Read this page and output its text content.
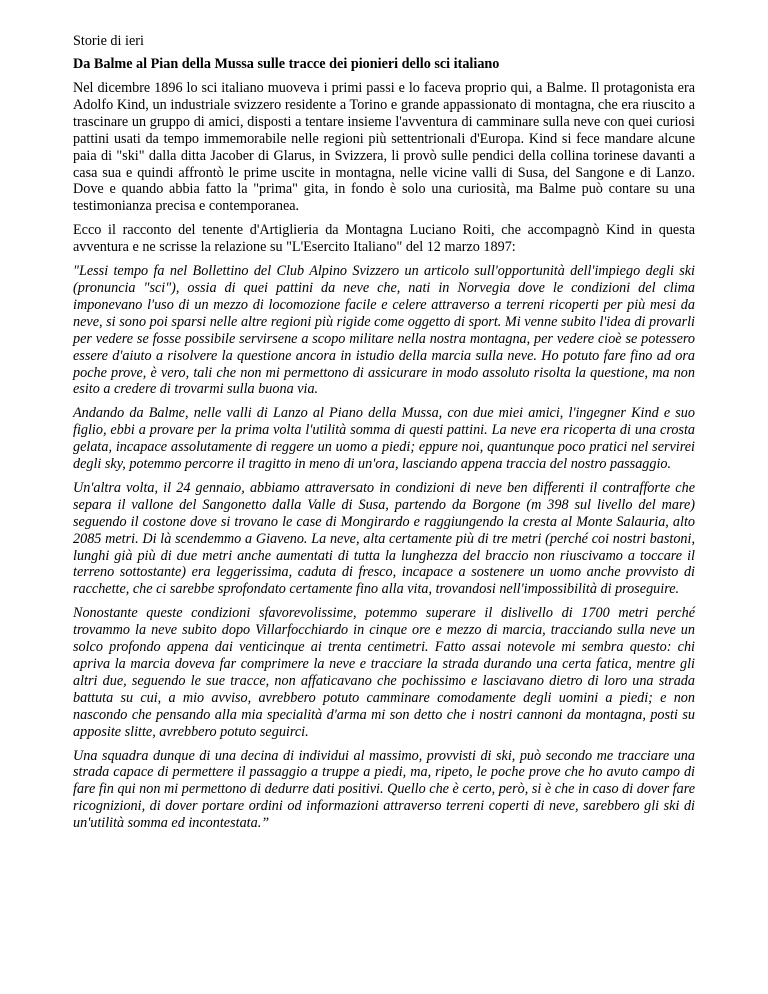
Storie di ieri
Da Balme al Pian della Mussa sulle tracce dei pionieri dello sci italiano

Nel dicembre 1896 lo sci italiano muoveva i primi passi e lo faceva proprio qui, a Balme. Il protagonista era Adolfo Kind, un industriale svizzero residente a Torino e grande appassionato di montagna, che era riuscito a trascinare un gruppo di amici, disposti a tentare insieme l'avventura di camminare sulla neve con quei curiosi pattini usati da tempo immemorabile nelle regioni più settentrionali d'Europa. Kind si fece mandare alcune paia di "ski" dalla ditta Jacober di Glarus, in Svizzera, li provò sulle pendici della collina torinese davanti a casa sua e quindi affrontò le prime uscite in montagna, nelle vicine valli di Susa, del Sangone e di Lanzo. Dove e quando abbia fatto la "prima" gita, in fondo è solo una curiosità, ma Balme può contare su una testimonianza precisa e contemporanea.

Ecco il racconto del tenente d'Artiglieria da Montagna Luciano Roiti, che accompagnò Kind in questa avventura e ne scrisse la relazione su "L'Esercito Italiano" del 12 marzo 1897:

"Lessi tempo fa nel Bollettino del Club Alpino Svizzero un articolo sull'opportunità dell'impiego degli ski (pronuncia "sci"), ossia di quei pattini da neve che, nati in Norvegia dove le condizioni del clima imponevano l'uso di un mezzo di locomozione facile e celere attraverso a terreni ricoperti per più mesi da neve, si sono poi sparsi nelle altre regioni più rigide come oggetto di sport. Mi venne subito l'idea di provarli per vedere se fosse possibile servirsene a scopo militare nella nostra montagna, per vedere cioè se potessero essere d'aiuto a risolvere la questione ancora in istudio della marcia sulla neve. Ho potuto fare fino ad ora poche prove, è vero, tali che non mi permettono di assicurare in modo assoluto risolta la questione, ma non esito a credere di trovarmi sulla buona via.

Andando da Balme, nelle valli di Lanzo al Piano della Mussa, con due miei amici, l'ingegner Kind e suo figlio, ebbi a provare per la prima volta l'utilità somma di questi pattini. La neve era ricoperta di una crosta gelata, incapace assolutamente di reggere un uomo a piedi; eppure noi, quantunque poco pratici nel servirei degli sky, potemmo percorre il tragitto in meno di un'ora, lasciando appena traccia del nostro passaggio.

Un'altra volta, il 24 gennaio, abbiamo attraversato in condizioni di neve ben differenti il contrafforte che separa il vallone del Sangonetto dalla Valle di Susa, partendo da Borgone (m 398 sul livello del mare) seguendo il costone dove si trovano le case di Mongirardo e raggiungendo la cresta al Monte Salauria, alto 2085 metri. Di là scendemmo a Giaveno. La neve, alta certamente più di tre metri (perché coi nostri bastoni, lunghi già più di due metri anche aumentati di tutta la lunghezza del braccio non riuscivamo a toccare il terreno sottostante) era leggerissima, caduta di fresco, incapace a sostenere un uomo anche provvisto di racchette, che ci sarebbe sprofondato certamente fino alla vita, trovandosi nell'impossibilità di proseguire.

Nonostante queste condizioni sfavorevolissime, potemmo superare il dislivello di 1700 metri perché trovammo la neve subito dopo Villarfocchiardo in cinque ore e mezzo di marcia, tracciando sulla neve un solco profondo appena dai venticinque ai trenta centimetri. Fatto assai notevole mi sembra questo: chi apriva la marcia doveva far comprimere la neve e tracciare la strada durando una certa fatica, mentre gli altri due, seguendo le sue tracce, non affaticavano che pochissimo e lasciavano dietro di loro una strada battuta su cui, a mio avviso, avrebbero potuto camminare comodamente degli uomini a piedi; e non nascondo che pensando alla mia specialità d'arma mi son detto che i nostri cannoni da montagna, posti su apposite slitte, avrebbero potuto seguirci.

Una squadra dunque di una decina di individui al massimo, provvisti di ski, può secondo me tracciare una strada capace di permettere il passaggio a truppe a piedi, ma, ripeto, le poche prove che ho avuto campo di fare fin qui non mi permettono di dedurre dati positivi. Quello che è certo, però, si è che in caso di dover fare ricognizioni, di dover portare ordini od informazioni attraverso terreni coperti di neve, sarebbero gli ski di un'utilità somma ed incontestata.”
